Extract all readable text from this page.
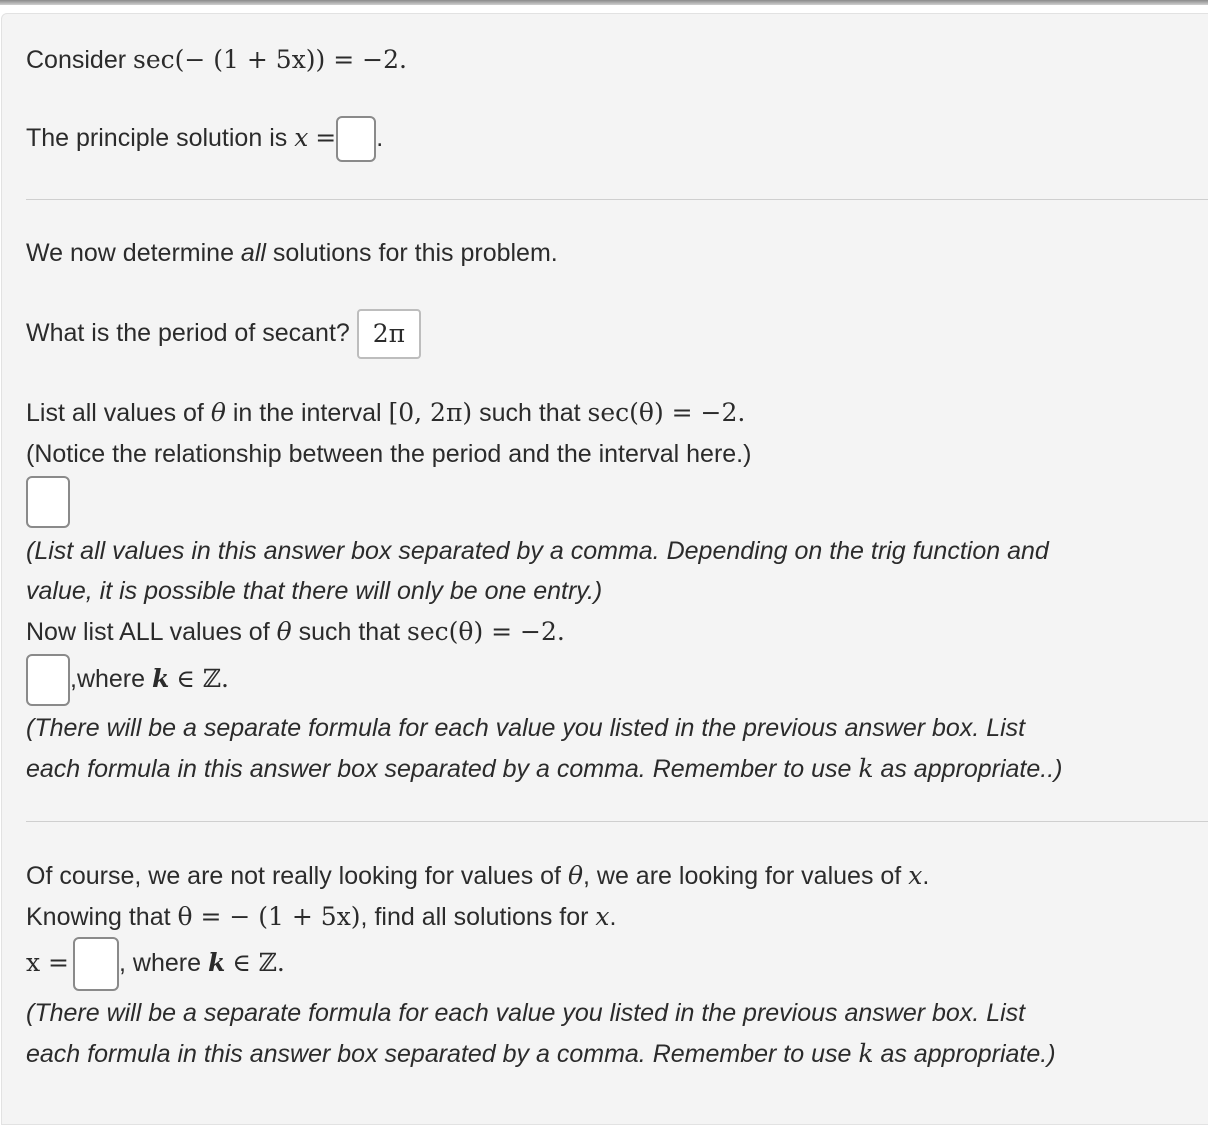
Consider sec(− (1 + 5x)) = −2.
The principle solution is x = .
We now determine all solutions for this problem.
What is the period of secant? 2π
List all values of θ in the interval [0, 2π) such that sec(θ) = −2.
(Notice the relationship between the period and the interval here.)
(List all values in this answer box separated by a comma. Depending on the trig function and
value, it is possible that there will only be one entry.)
Now list ALL values of θ such that sec(θ) = −2.
,where k ∈ ℤ.
(There will be a separate formula for each value you listed in the previous answer box. List
each formula in this answer box separated by a comma. Remember to use k as appropriate..)
Of course, we are not really looking for values of θ, we are looking for values of x.
Knowing that θ = − (1 + 5x), find all solutions for x.
x = , where k ∈ ℤ.
(There will be a separate formula for each value you listed in the previous answer box. List
each formula in this answer box separated by a comma. Remember to use k as appropriate.)
